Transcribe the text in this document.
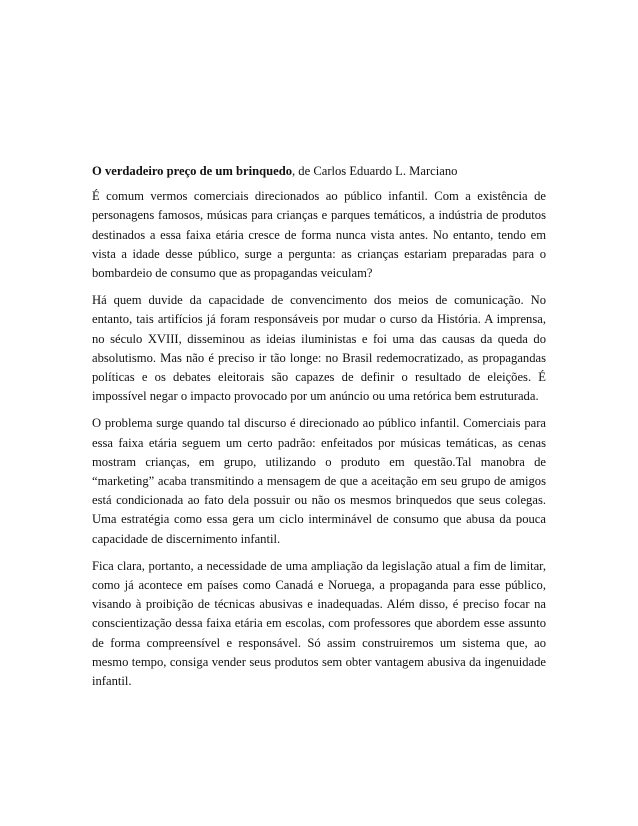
O verdadeiro preço de um brinquedo, de Carlos Eduardo L. Marciano

É comum vermos comerciais direcionados ao público infantil. Com a existência de personagens famosos, músicas para crianças e parques temáticos, a indústria de produtos destinados a essa faixa etária cresce de forma nunca vista antes. No entanto, tendo em vista a idade desse público, surge a pergunta: as crianças estariam preparadas para o bombardeio de consumo que as propagandas veiculam?

Há quem duvide da capacidade de convencimento dos meios de comunicação. No entanto, tais artifícios já foram responsáveis por mudar o curso da História. A imprensa, no século XVIII, disseminou as ideias iluministas e foi uma das causas da queda do absolutismo. Mas não é preciso ir tão longe: no Brasil redemocratizado, as propagandas políticas e os debates eleitorais são capazes de definir o resultado de eleições. É impossível negar o impacto provocado por um anúncio ou uma retórica bem estruturada.

O problema surge quando tal discurso é direcionado ao público infantil. Comerciais para essa faixa etária seguem um certo padrão: enfeitados por músicas temáticas, as cenas mostram crianças, em grupo, utilizando o produto em questão.Tal manobra de “marketing” acaba transmitindo a mensagem de que a aceitação em seu grupo de amigos está condicionada ao fato dela possuir ou não os mesmos brinquedos que seus colegas. Uma estratégia como essa gera um ciclo interminável de consumo que abusa da pouca capacidade de discernimento infantil.

Fica clara, portanto, a necessidade de uma ampliação da legislação atual a fim de limitar, como já acontece em países como Canadá e Noruega, a propaganda para esse público, visando à proibição de técnicas abusivas e inadequadas. Além disso, é preciso focar na conscientização dessa faixa etária em escolas, com professores que abordem esse assunto de forma compreensível e responsável. Só assim construiremos um sistema que, ao mesmo tempo, consiga vender seus produtos sem obter vantagem abusiva da ingenuidade infantil.
